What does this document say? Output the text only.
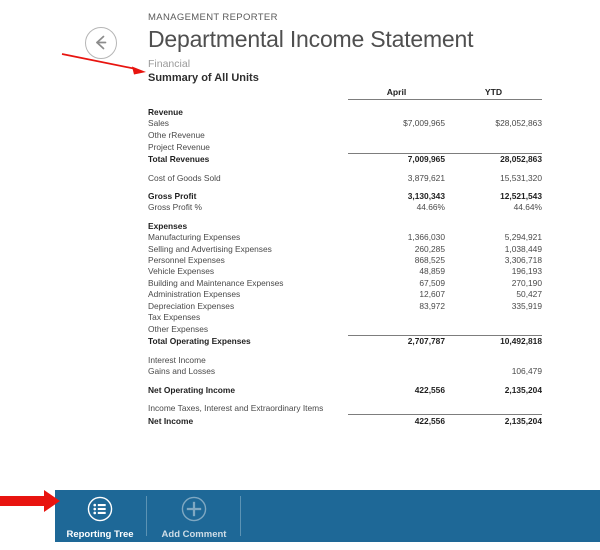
MANAGEMENT REPORTER
Departmental Income Statement
Financial
Summary of All Units
	April	YTD

Revenue		
Sales	$7,009,965	$28,052,863
Othe rRevenue		
Project Revenue		
Total Revenues	7,009,965	28,052,863

Cost of Goods Sold	3,879,621	15,531,320

Gross Profit	3,130,343	12,521,543
Gross Profit %	44.66%	44.64%

Expenses		
Manufacturing Expenses	1,366,030	5,294,921
Selling and Advertising Expenses	260,285	1,038,449
Personnel Expenses	868,525	3,306,718
Vehicle Expenses	48,859	196,193
Building and Maintenance Expenses	67,509	270,190
Administration Expenses	12,607	50,427
Depreciation Expenses	83,972	335,919
Tax Expenses		
Other Expenses		
Total Operating Expenses	2,707,787	10,492,818

Interest Income		
Gains and Losses		106,479

Net Operating Income	422,556	2,135,204

Income Taxes, Interest and Extraordinary Items		
Net Income	422,556	2,135,204
Reporting Tree	Add Comment
